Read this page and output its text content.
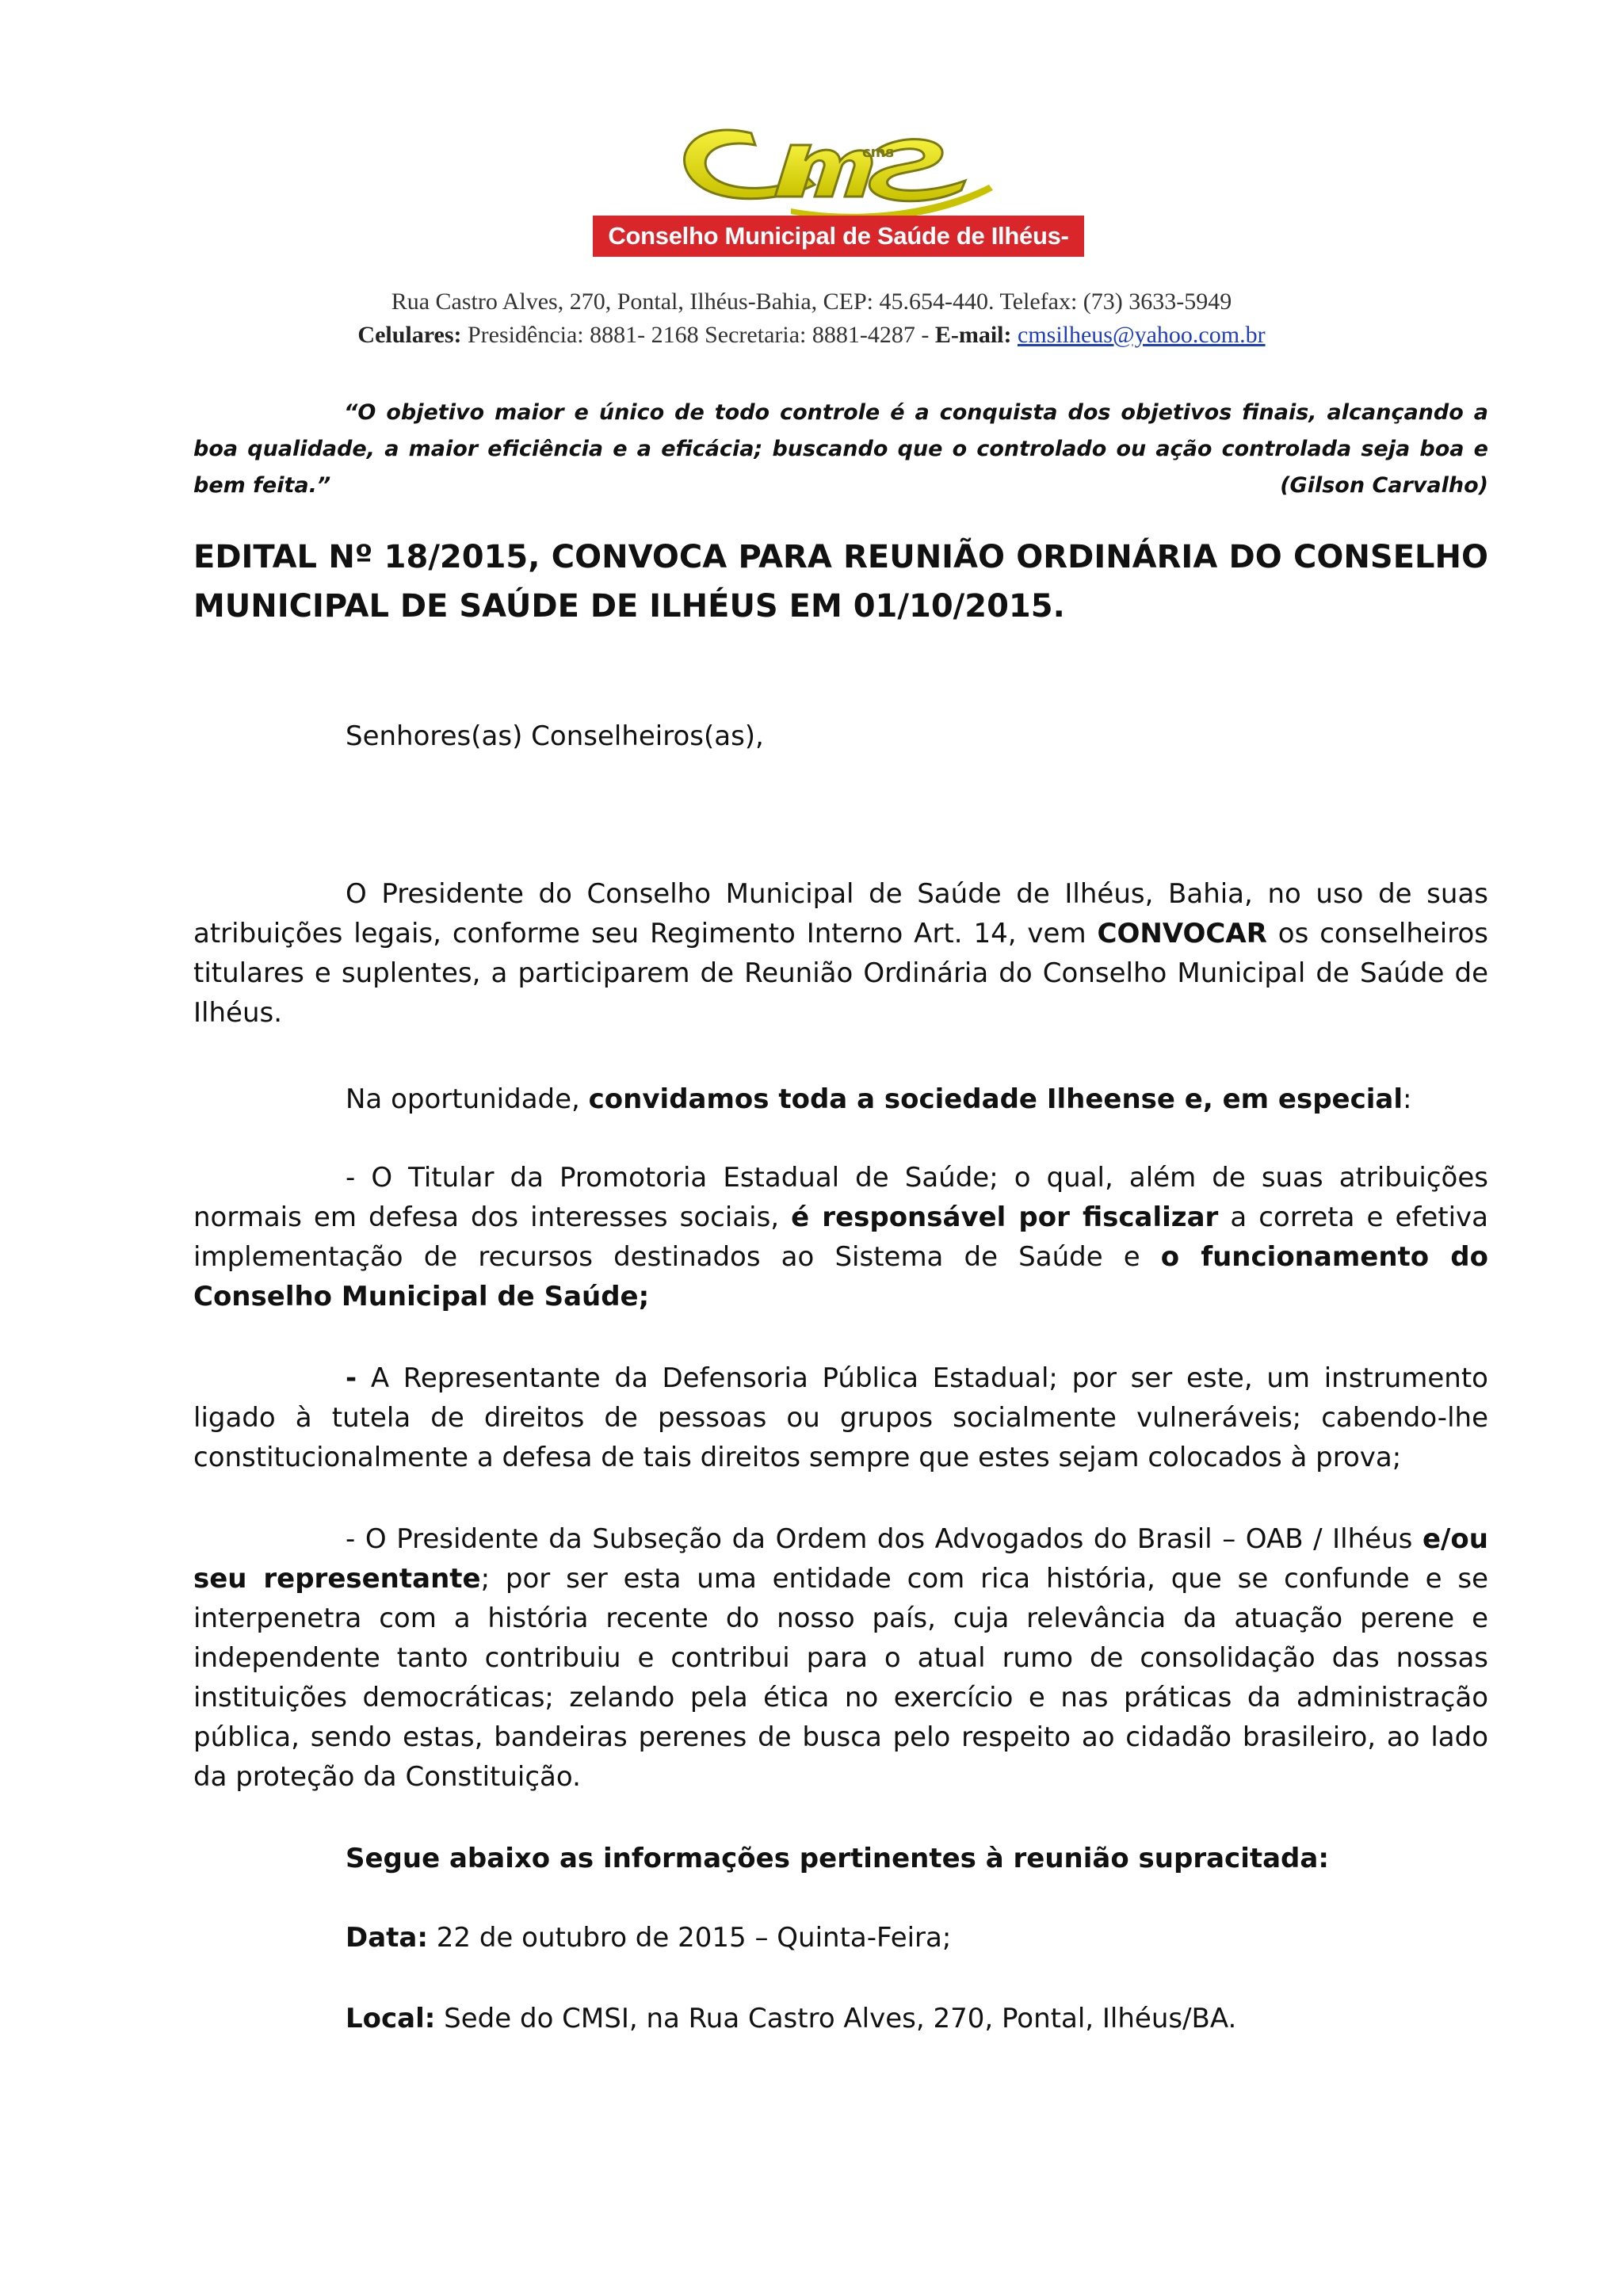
cms
Conselho Municipal de Saúde de Ilhéus-Bahia
Rua Castro Alves, 270, Pontal, Ilhéus-Bahia, CEP: 45.654-440. Telefax: (73) 3633-5949
Celulares: Presidência: 8881- 2168 Secretaria: 8881-4287 - E-mail: cmsilheus@yahoo.com.br
“O objetivo maior e único de todo controle é a conquista dos objetivos finais, alcançando a boa qualidade, a maior eficiência e a eficácia; buscando que o controlado ou ação controlada seja boa e bem feita.”	(Gilson Carvalho)
EDITAL Nº 18/2015, CONVOCA PARA REUNIÃO ORDINÁRIA DO CONSELHO MUNICIPAL DE SAÚDE DE ILHÉUS EM 01/10/2015.
Senhores(as) Conselheiros(as),
O Presidente do Conselho Municipal de Saúde de Ilhéus, Bahia, no uso de suas atribuições legais, conforme seu Regimento Interno Art. 14, vem CONVOCAR os conselheiros titulares e suplentes, a participarem de Reunião Ordinária do Conselho Municipal de Saúde de Ilhéus.
Na oportunidade, convidamos toda a sociedade Ilheense e, em especial:
- O Titular da Promotoria Estadual de Saúde; o qual, além de suas atribuições normais em defesa dos interesses sociais, é responsável por fiscalizar a correta e efetiva implementação de recursos destinados ao Sistema de Saúde e o funcionamento do Conselho Municipal de Saúde;
- A Representante da Defensoria Pública Estadual; por ser este, um instrumento ligado à tutela de direitos de pessoas ou grupos socialmente vulneráveis; cabendo-lhe constitucionalmente a defesa de tais direitos sempre que estes sejam colocados à prova;
- O Presidente da Subseção da Ordem dos Advogados do Brasil – OAB / Ilhéus e/ou seu representante; por ser esta uma entidade com rica história, que se confunde e se interpenetra com a história recente do nosso país, cuja relevância da atuação perene e independente tanto contribuiu e contribui para o atual rumo de consolidação das nossas instituições democráticas; zelando pela ética no exercício e nas práticas da administração pública, sendo estas, bandeiras perenes de busca pelo respeito ao cidadão brasileiro, ao lado da proteção da Constituição.
Segue abaixo as informações pertinentes à reunião supracitada:
Data: 22 de outubro de 2015 – Quinta-Feira;
Local: Sede do CMSI, na Rua Castro Alves, 270, Pontal, Ilhéus/BA.
